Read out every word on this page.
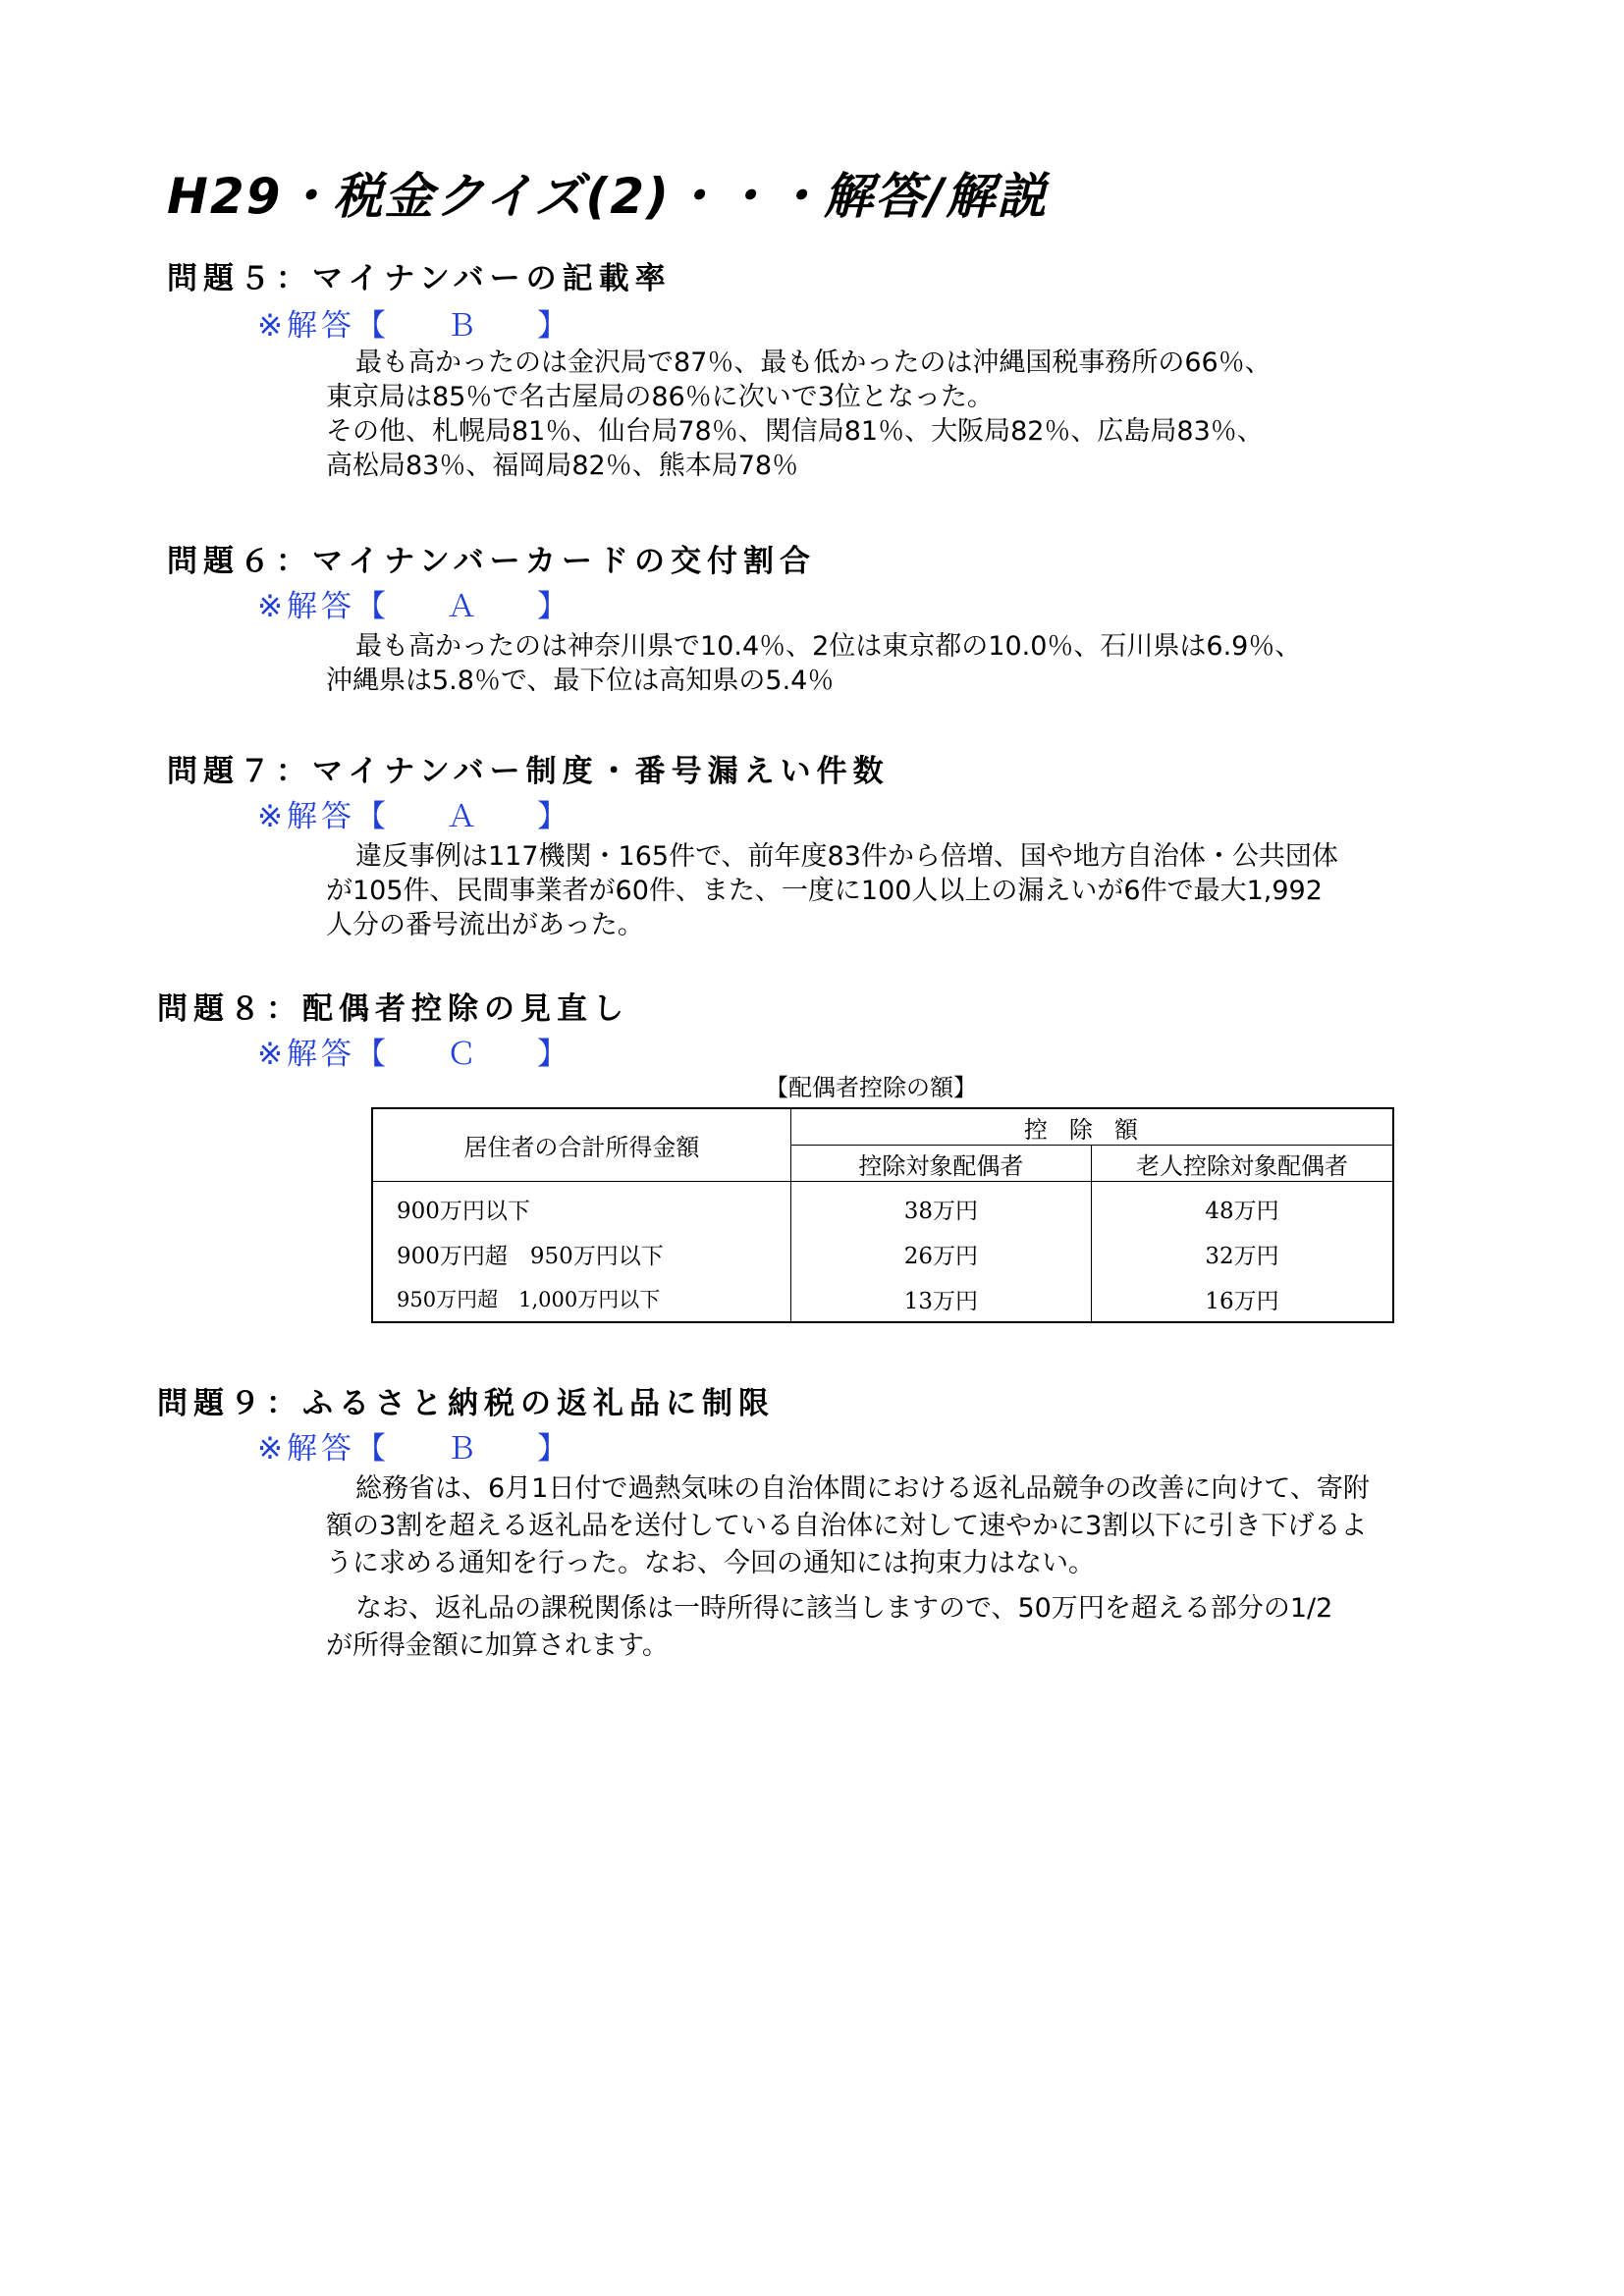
H29・税金クイズ(2)・・・解答/解説
問題５：マイナンバーの記載率
※解答【 Ｂ 】
最も高かったのは金沢局で87％、最も低かったのは沖縄国税事務所の66％、
東京局は85％で名古屋局の86％に次いで3位となった。
その他、札幌局81％、仙台局78％、関信局81％、大阪局82％、広島局83％、
高松局83％、福岡局82％、熊本局78％
問題６：マイナンバーカードの交付割合
※解答【 Ａ 】
最も高かったのは神奈川県で10.4％、2位は東京都の10.0％、石川県は6.9％、
沖縄県は5.8％で、最下位は高知県の5.4％
問題７：マイナンバー制度・番号漏えい件数
※解答【 Ａ 】
違反事例は117機関・165件で、前年度83件から倍増、国や地方自治体・公共団体
が105件、民間事業者が60件、また、一度に100人以上の漏えいが6件で最大1,992
人分の番号流出があった。
問題８：配偶者控除の見直し
※解答【 Ｃ 】
【配偶者控除の額】
居住者の合計所得金額	控除額	
	控除対象配偶者	老人控除対象配偶者
900万円以下	38万円	48万円
900万円超　950万円以下	26万円	32万円
950万円超　1,000万円以下	13万円	16万円
問題９：ふるさと納税の返礼品に制限
※解答【 Ｂ 】
総務省は、6月1日付で過熱気味の自治体間における返礼品競争の改善に向けて、寄附
額の3割を超える返礼品を送付している自治体に対して速やかに3割以下に引き下げるよ
うに求める通知を行った。なお、今回の通知には拘束力はない。
なお、返礼品の課税関係は一時所得に該当しますので、50万円を超える部分の1/2
が所得金額に加算されます。
